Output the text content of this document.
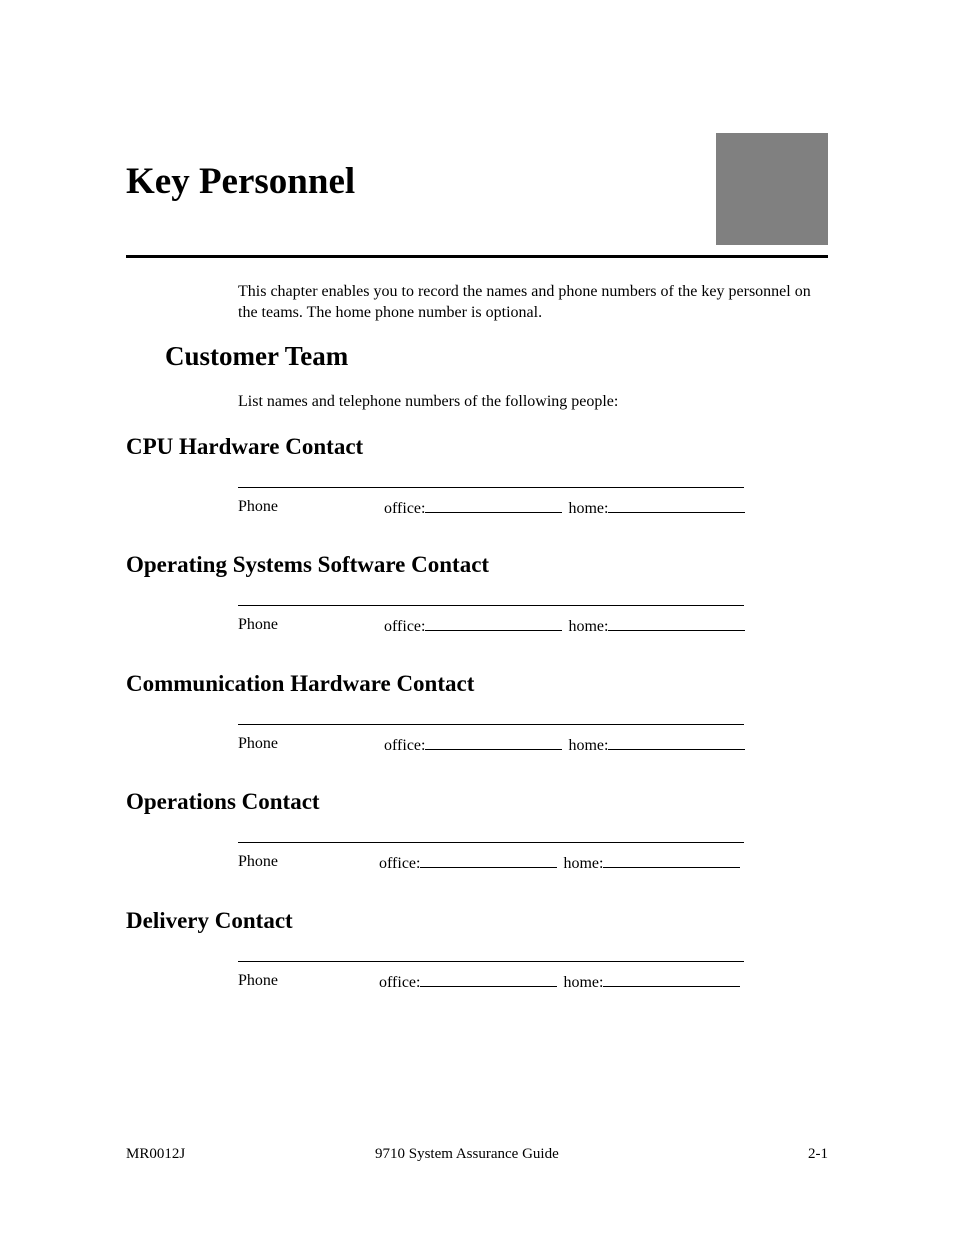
Key Personnel
This chapter enables you to record the names and phone numbers of the key personnel on the teams. The home phone number is optional.
Customer Team
List names and telephone numbers of the following people:
CPU Hardware Contact
Phone	office:	home:
Operating Systems Software Contact
Phone	office:	home:
Communication Hardware Contact
Phone	office:	home:
Operations Contact
Phone	office:	home:
Delivery Contact
Phone	office:	home:
MR0012J	9710 System Assurance Guide	2-1
